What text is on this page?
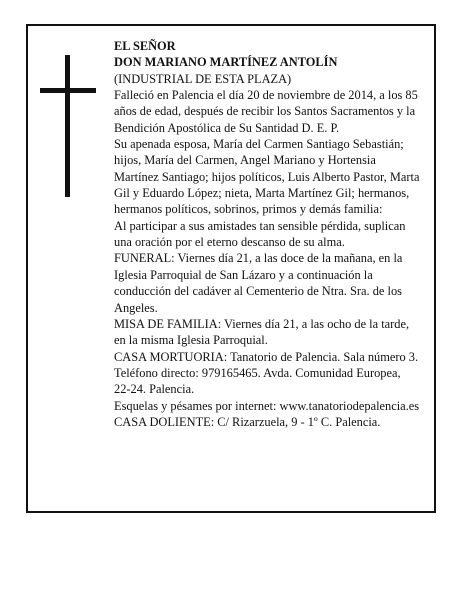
EL SEÑOR

DON MARIANO MARTÍNEZ ANTOLÍN

(INDUSTRIAL DE ESTA PLAZA)

Falleció en Palencia el día 20 de noviembre de 2014, a los 85 años de edad, después de recibir los Santos Sacramentos y la Bendición Apostólica de Su Santidad D. E. P.

Su apenada esposa, María del Carmen Santiago Sebastián; hijos, María del Carmen, Angel Mariano y Hortensia Martínez Santiago; hijos políticos, Luis Alberto Pastor, Marta Gil y Eduardo López; nieta, Marta Martínez Gil; hermanos, hermanos políticos, sobrinos, primos y demás familia:

Al participar a sus amistades tan sensible pérdida, suplican una oración por el eterno descanso de su alma.

FUNERAL: Viernes día 21, a las doce de la mañana, en la Iglesia Parroquial de San Lázaro y a continuación la conducción del cadáver al Cementerio de Ntra. Sra. de los Angeles.

MISA DE FAMILIA: Viernes día 21, a las ocho de la tarde, en la misma Iglesia Parroquial.

CASA MORTUORIA: Tanatorio de Palencia. Sala número 3. Teléfono directo: 979165465. Avda. Comunidad Europea, 22-24. Palencia.

Esquelas y pésames por internet: www.tanatoriodepalencia.es

CASA DOLIENTE: C/ Rizarzuela, 9 - 1º C. Palencia.
